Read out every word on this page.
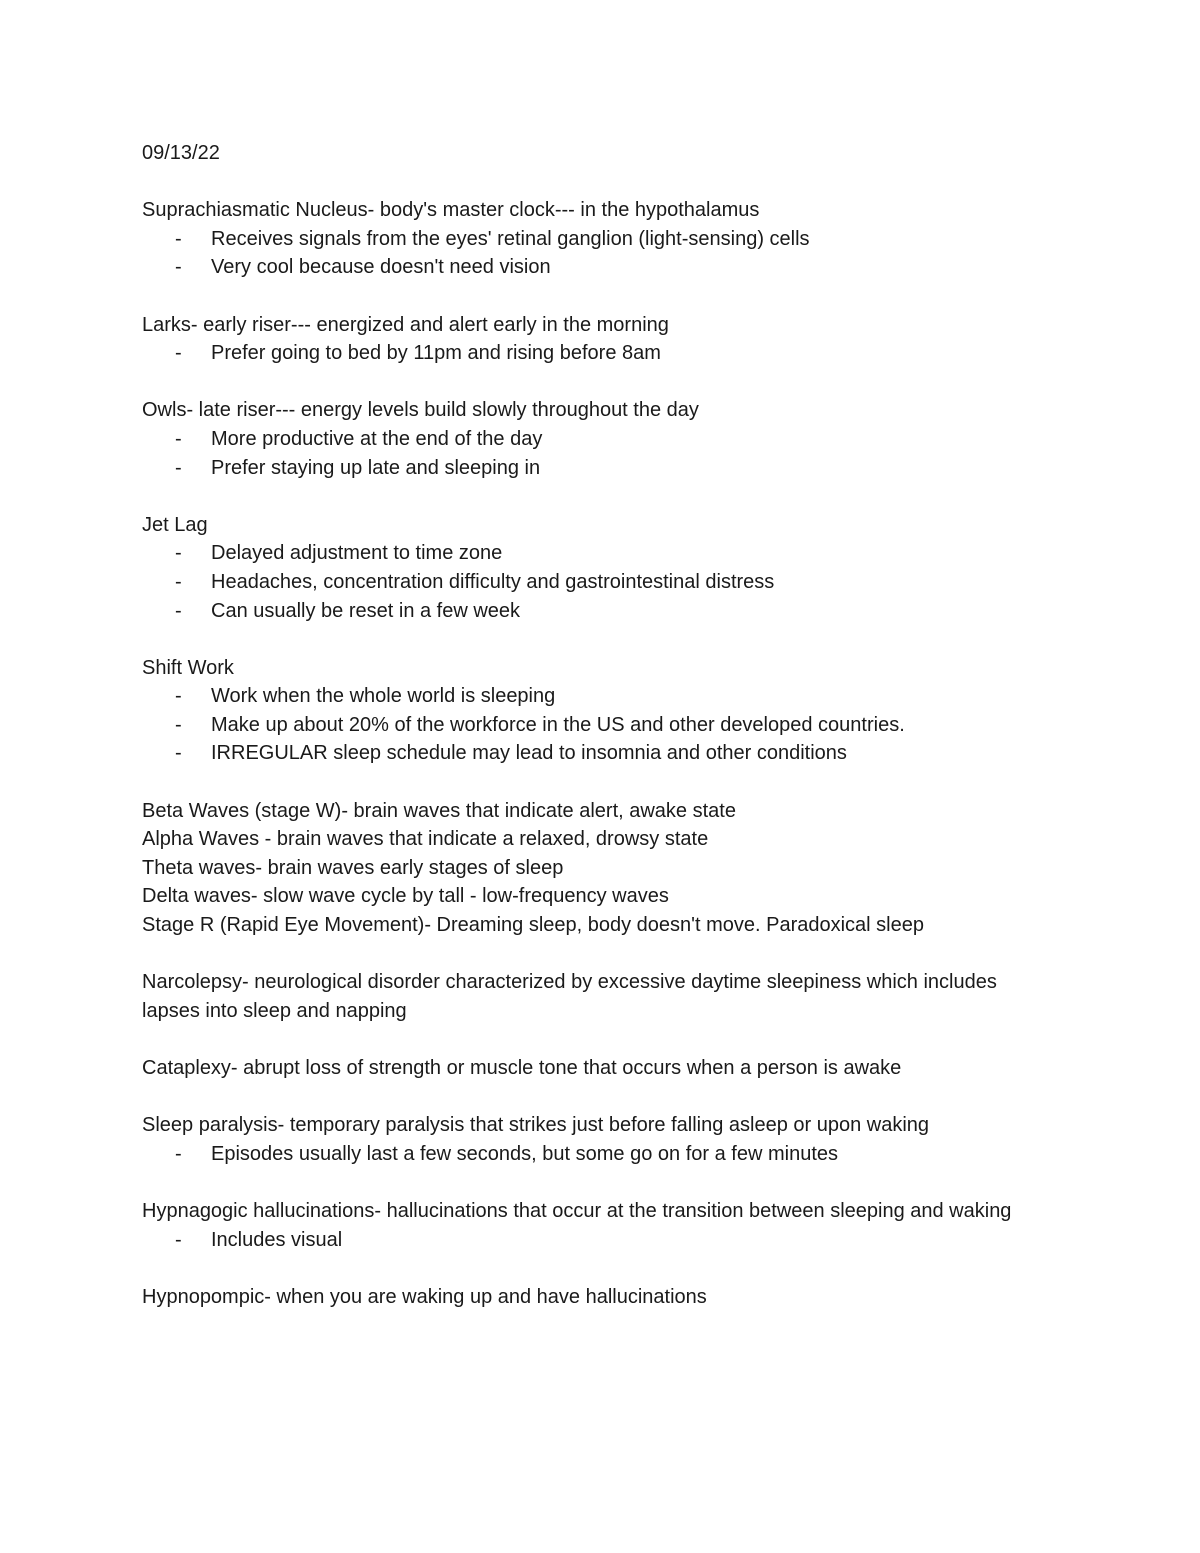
09/13/22

Suprachiasmatic Nucleus- body's master clock--- in the hypothalamus

- Receives signals from the eyes' retinal ganglion (light-sensing) cells

- Very cool because doesn't need vision

Larks- early riser--- energized and alert early in the morning

- Prefer going to bed by 11pm and rising before 8am

Owls- late riser--- energy levels build slowly throughout the day

- More productive at the end of the day

- Prefer staying up late and sleeping in

Jet Lag

- Delayed adjustment to time zone

- Headaches, concentration difficulty and gastrointestinal distress

- Can usually be reset in a few week

Shift Work

- Work when the whole world is sleeping

- Make up about 20% of the workforce in the US and other developed countries.

- IRREGULAR sleep schedule may lead to insomnia and other conditions

Beta Waves (stage W)- brain waves that indicate alert, awake state

Alpha Waves - brain waves that indicate a relaxed, drowsy state

Theta waves- brain waves early stages of sleep

Delta waves- slow wave cycle by tall - low-frequency waves

Stage R (Rapid Eye Movement)- Dreaming sleep, body doesn't move. Paradoxical sleep

Narcolepsy- neurological disorder characterized by excessive daytime sleepiness which includes lapses into sleep and napping

Cataplexy- abrupt loss of strength or muscle tone that occurs when a person is awake

Sleep paralysis- temporary paralysis that strikes just before falling asleep or upon waking

- Episodes usually last a few seconds, but some go on for a few minutes

Hypnagogic hallucinations- hallucinations that occur at the transition between sleeping and waking

- Includes visual

Hypnopompic- when you are waking up and have hallucinations
